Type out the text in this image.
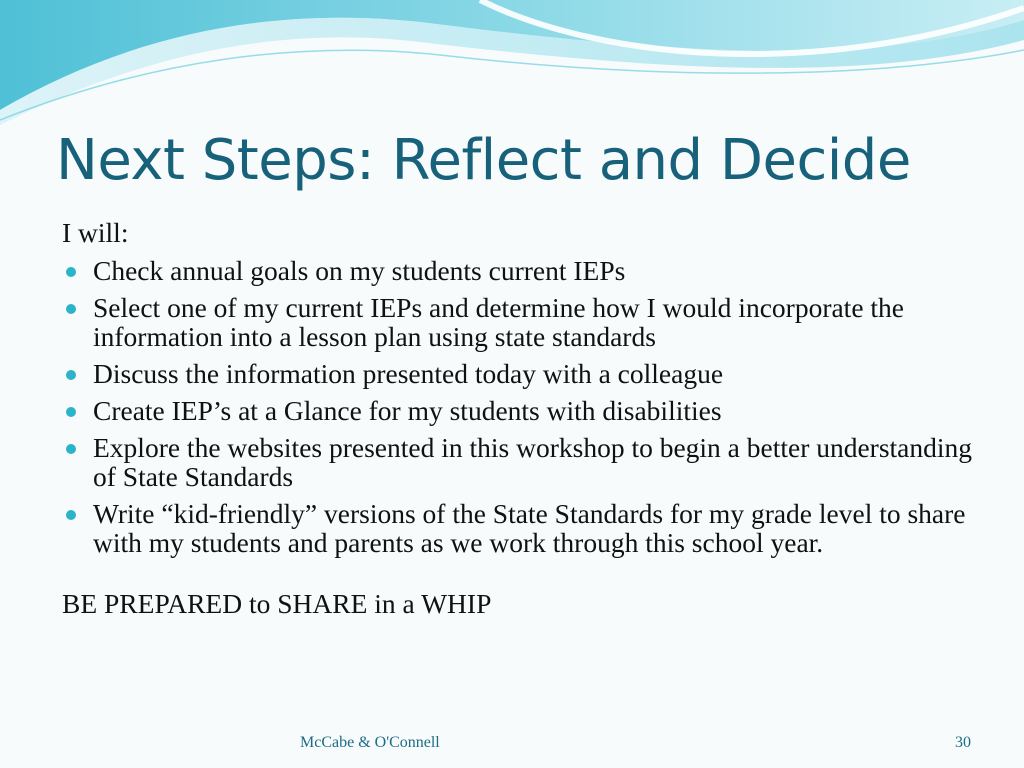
Next Steps: Reflect and Decide
I will:
Check annual goals on my students current IEPs
Select one of my current IEPs and determine how I would incorporate the information into a lesson plan using state standards
Discuss the information presented today with a colleague
Create IEP’s at a Glance for my students with disabilities
Explore the websites presented in this workshop to begin a better understanding of State Standards
Write “kid-friendly” versions of the State Standards for my grade level to share with my students and parents as we work through this school year.
BE PREPARED to SHARE in a WHIP
McCabe & O'Connell	30
